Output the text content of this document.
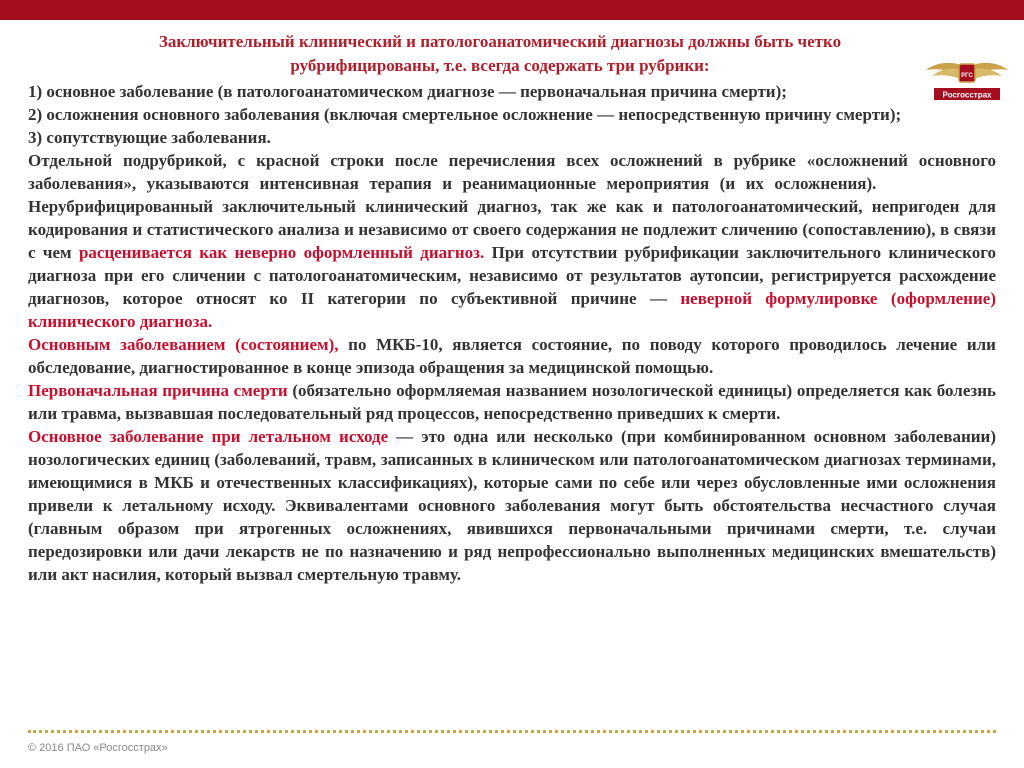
Заключительный клинический и патологоанатомический диагнозы должны быть четко
рубрифицированы, т.е. всегда содержать три рубрики:
РГС
Росгосстрах

1) основное заболевание (в патологоанатомическом диагнозе — первоначальная причина смерти);

2) осложнения основного заболевания (включая смертельное осложнение — непосредственную причину смерти);

3) сопутствующие заболевания.

Отдельной подрубрикой, с красной строки после перечисления всех осложнений в рубрике «осложнений основного заболевания», указываются интенсивная терапия и реанимационные мероприятия (и их осложнения).             Нерубрифицированный заключительный клинический диагноз, так же как и патологоанатомический, непригоден для кодирования и статистического анализа и независимо от своего содержания не подлежит сличению (сопоставлению), в связи с чем расценивается как неверно оформленный диагноз. При отсутствии рубрификации заключительного клинического диагноза при его сличении с патологоанатомическим, независимо от результатов аутопсии, регистрируется расхождение диагнозов, которое относят ко II категории по субъективной причине — неверной формулировке (оформление) клинического диагноза.

Основным заболеванием (состоянием), по МКБ-10, является состояние, по поводу которого проводилось лечение или обследование, диагностированное в конце эпизода обращения за медицинской помощью.

Первоначальная причина смерти (обязательно оформляемая названием нозологической единицы) определяется как болезнь или травма, вызвавшая последовательный ряд процессов, непосредственно приведших к смерти.

Основное заболевание при летальном исходе — это одна или несколько (при комбинированном основном заболевании) нозологических единиц (заболеваний, травм, записанных в клиническом или патологоанатомическом диагнозах терминами, имеющимися в МКБ и отечественных классификациях), которые сами по себе или через обусловленные ими осложнения привели к летальному исходу. Эквивалентами основного заболевания могут быть обстоятельства несчастного случая (главным образом при ятрогенных осложнениях, явившихся первоначальными причинами смерти, т.е. случаи передозировки или дачи лекарств не по назначению и ряд непрофессионально выполненных медицинских вмешательств) или акт насилия, который вызвал смертельную травму.

© 2016 ПАО «Росгосстрах»
